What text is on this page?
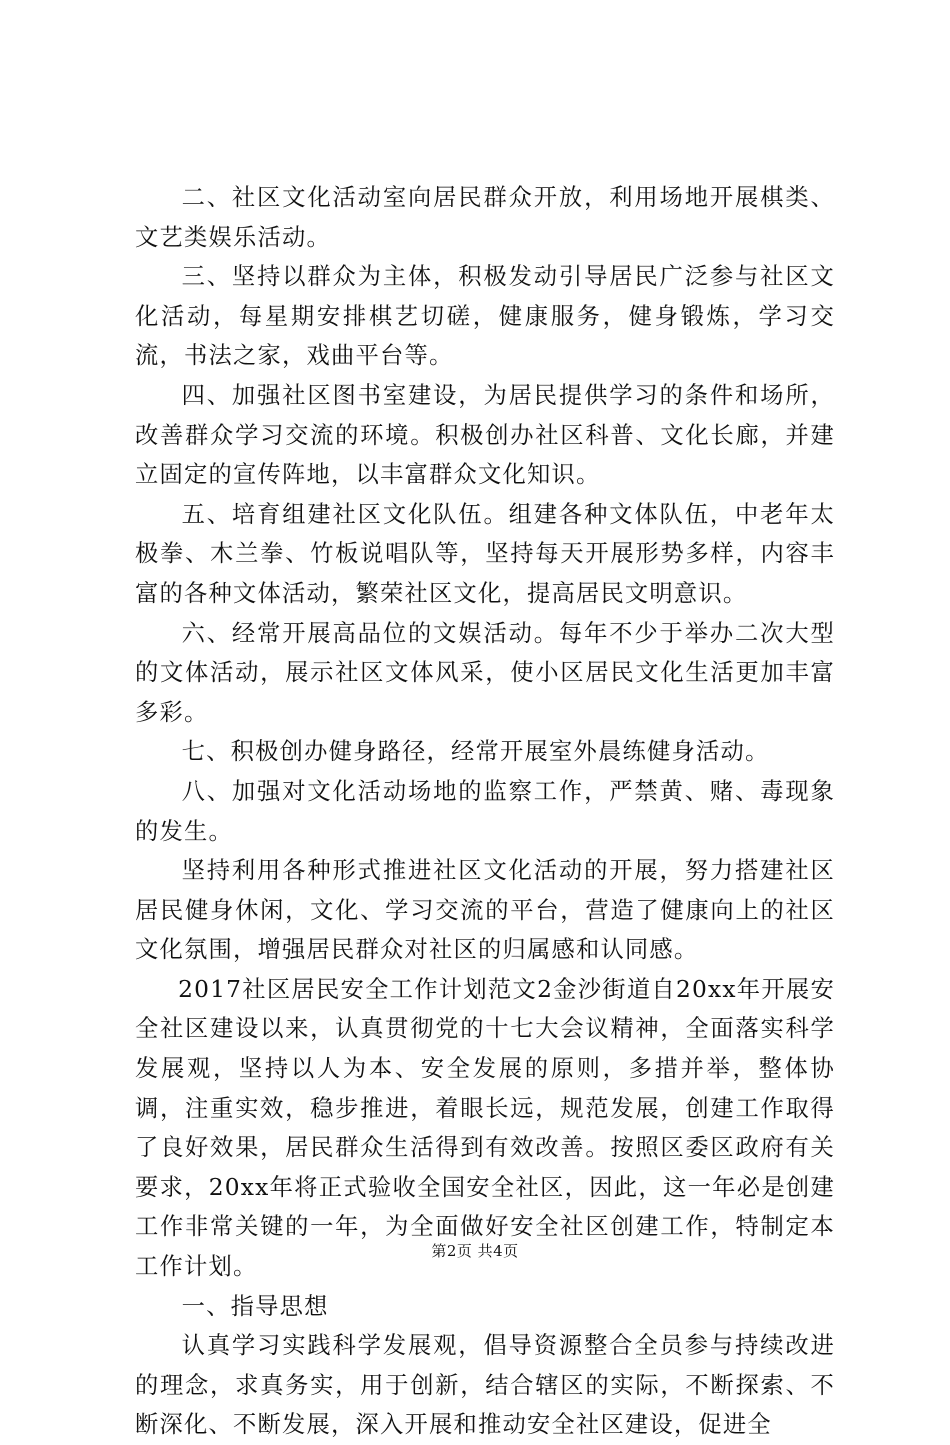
二、社区文化活动室向居民群众开放，利用场地开展棋类、文艺类娱乐活动。

三、坚持以群众为主体，积极发动引导居民广泛参与社区文化活动，每星期安排棋艺切磋，健康服务，健身锻炼，学习交流，书法之家，戏曲平台等。

四、加强社区图书室建设，为居民提供学习的条件和场所，改善群众学习交流的环境。积极创办社区科普、文化长廊，并建立固定的宣传阵地，以丰富群众文化知识。

五、培育组建社区文化队伍。组建各种文体队伍，中老年太极拳、木兰拳、竹板说唱队等，坚持每天开展形势多样，内容丰富的各种文体活动，繁荣社区文化，提高居民文明意识。

六、经常开展高品位的文娱活动。每年不少于举办二次大型的文体活动，展示社区文体风采，使小区居民文化生活更加丰富多彩。

七、积极创办健身路径，经常开展室外晨练健身活动。

八、加强对文化活动场地的监察工作，严禁黄、赌、毒现象的发生。

坚持利用各种形式推进社区文化活动的开展，努力搭建社区居民健身休闲，文化、学习交流的平台，营造了健康向上的社区文化氛围，增强居民群众对社区的归属感和认同感。

2017社区居民安全工作计划范文2金沙街道自20xx年开展安全社区建设以来，认真贯彻党的十七大会议精神，全面落实科学发展观，坚持以人为本、安全发展的原则，多措并举，整体协调，注重实效，稳步推进，着眼长远，规范发展，创建工作取得了良好效果，居民群众生活得到有效改善。按照区委区政府有关要求，20xx年将正式验收全国安全社区，因此，这一年必是创建工作非常关键的一年，为全面做好安全社区创建工作，特制定本工作计划。

一、指导思想

认真学习实践科学发展观，倡导资源整合全员参与持续改进的理念，求真务实，用于创新，结合辖区的实际，不断探索、不断深化、不断发展，深入开展和推动安全社区建设，促进全

第2页 共4页
